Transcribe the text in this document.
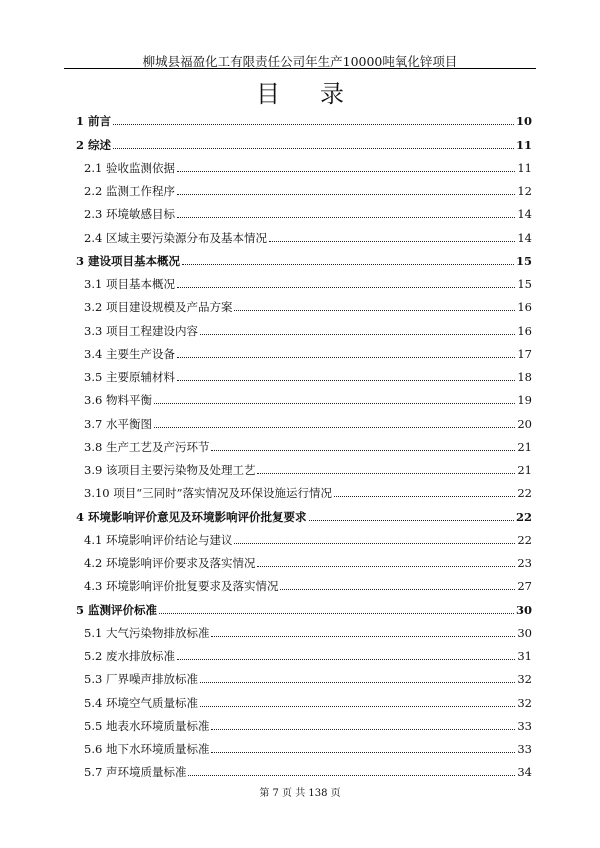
柳城县福盈化工有限责任公司年生产10000吨氧化锌项目
目录
1 前言	10
2 综述	11
2.1 验收监测依据	11
2.2 监测工作程序	12
2.3 环境敏感目标	14
2.4 区域主要污染源分布及基本情况	14
3 建设项目基本概况	15
3.1 项目基本概况	15
3.2 项目建设规模及产品方案	16
3.3 项目工程建设内容	16
3.4 主要生产设备	17
3.5 主要原辅材料	18
3.6 物料平衡	19
3.7 水平衡图	20
3.8 生产工艺及产污环节	21
3.9 该项目主要污染物及处理工艺	21
3.10 项目“三同时”落实情况及环保设施运行情况	22
4 环境影响评价意见及环境影响评价批复要求	22
4.1 环境影响评价结论与建议	22
4.2 环境影响评价要求及落实情况	23
4.3 环境影响评价批复要求及落实情况	27
5 监测评价标准	30
5.1 大气污染物排放标准	30
5.2 废水排放标准	31
5.3 厂界噪声排放标准	32
5.4 环境空气质量标准	32
5.5 地表水环境质量标准	33
5.6 地下水环境质量标准	33
5.7 声环境质量标准	34
第 7 页 共 138 页
